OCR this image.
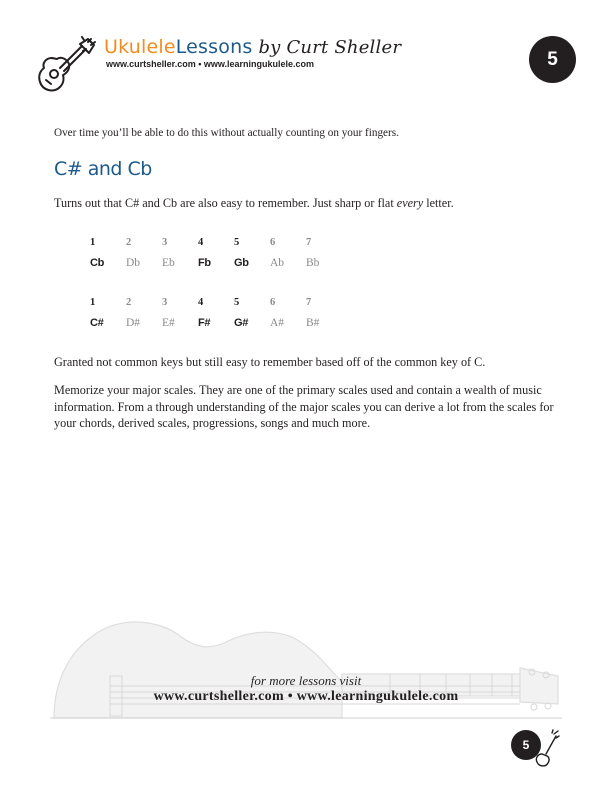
UkuleleLessons by Curt Sheller
www.curtsheller.com • www.learningukulele.com	5
Over time you’ll be able to do this without actually counting on your fingers.
C# and Cb
Turns out that C# and Cb are also easy to remember. Just sharp or flat every letter.
1	2	3	4	5	6	7
Cb	Db	Eb	Fb	Gb	Ab	Bb
1	2	3	4	5	6	7
C#	D#	E#	F#	G#	A#	B#
Granted not common keys but still easy to remember based off of the common key of C.
Memorize your major scales. They are one of the primary scales used and contain a wealth of music information. From a through understanding of the major scales you can derive a lot from the scales for your chords, derived scales, progressions, songs and much more.
for more lessons visit
www.curtsheller.com • www.learningukulele.com
5
